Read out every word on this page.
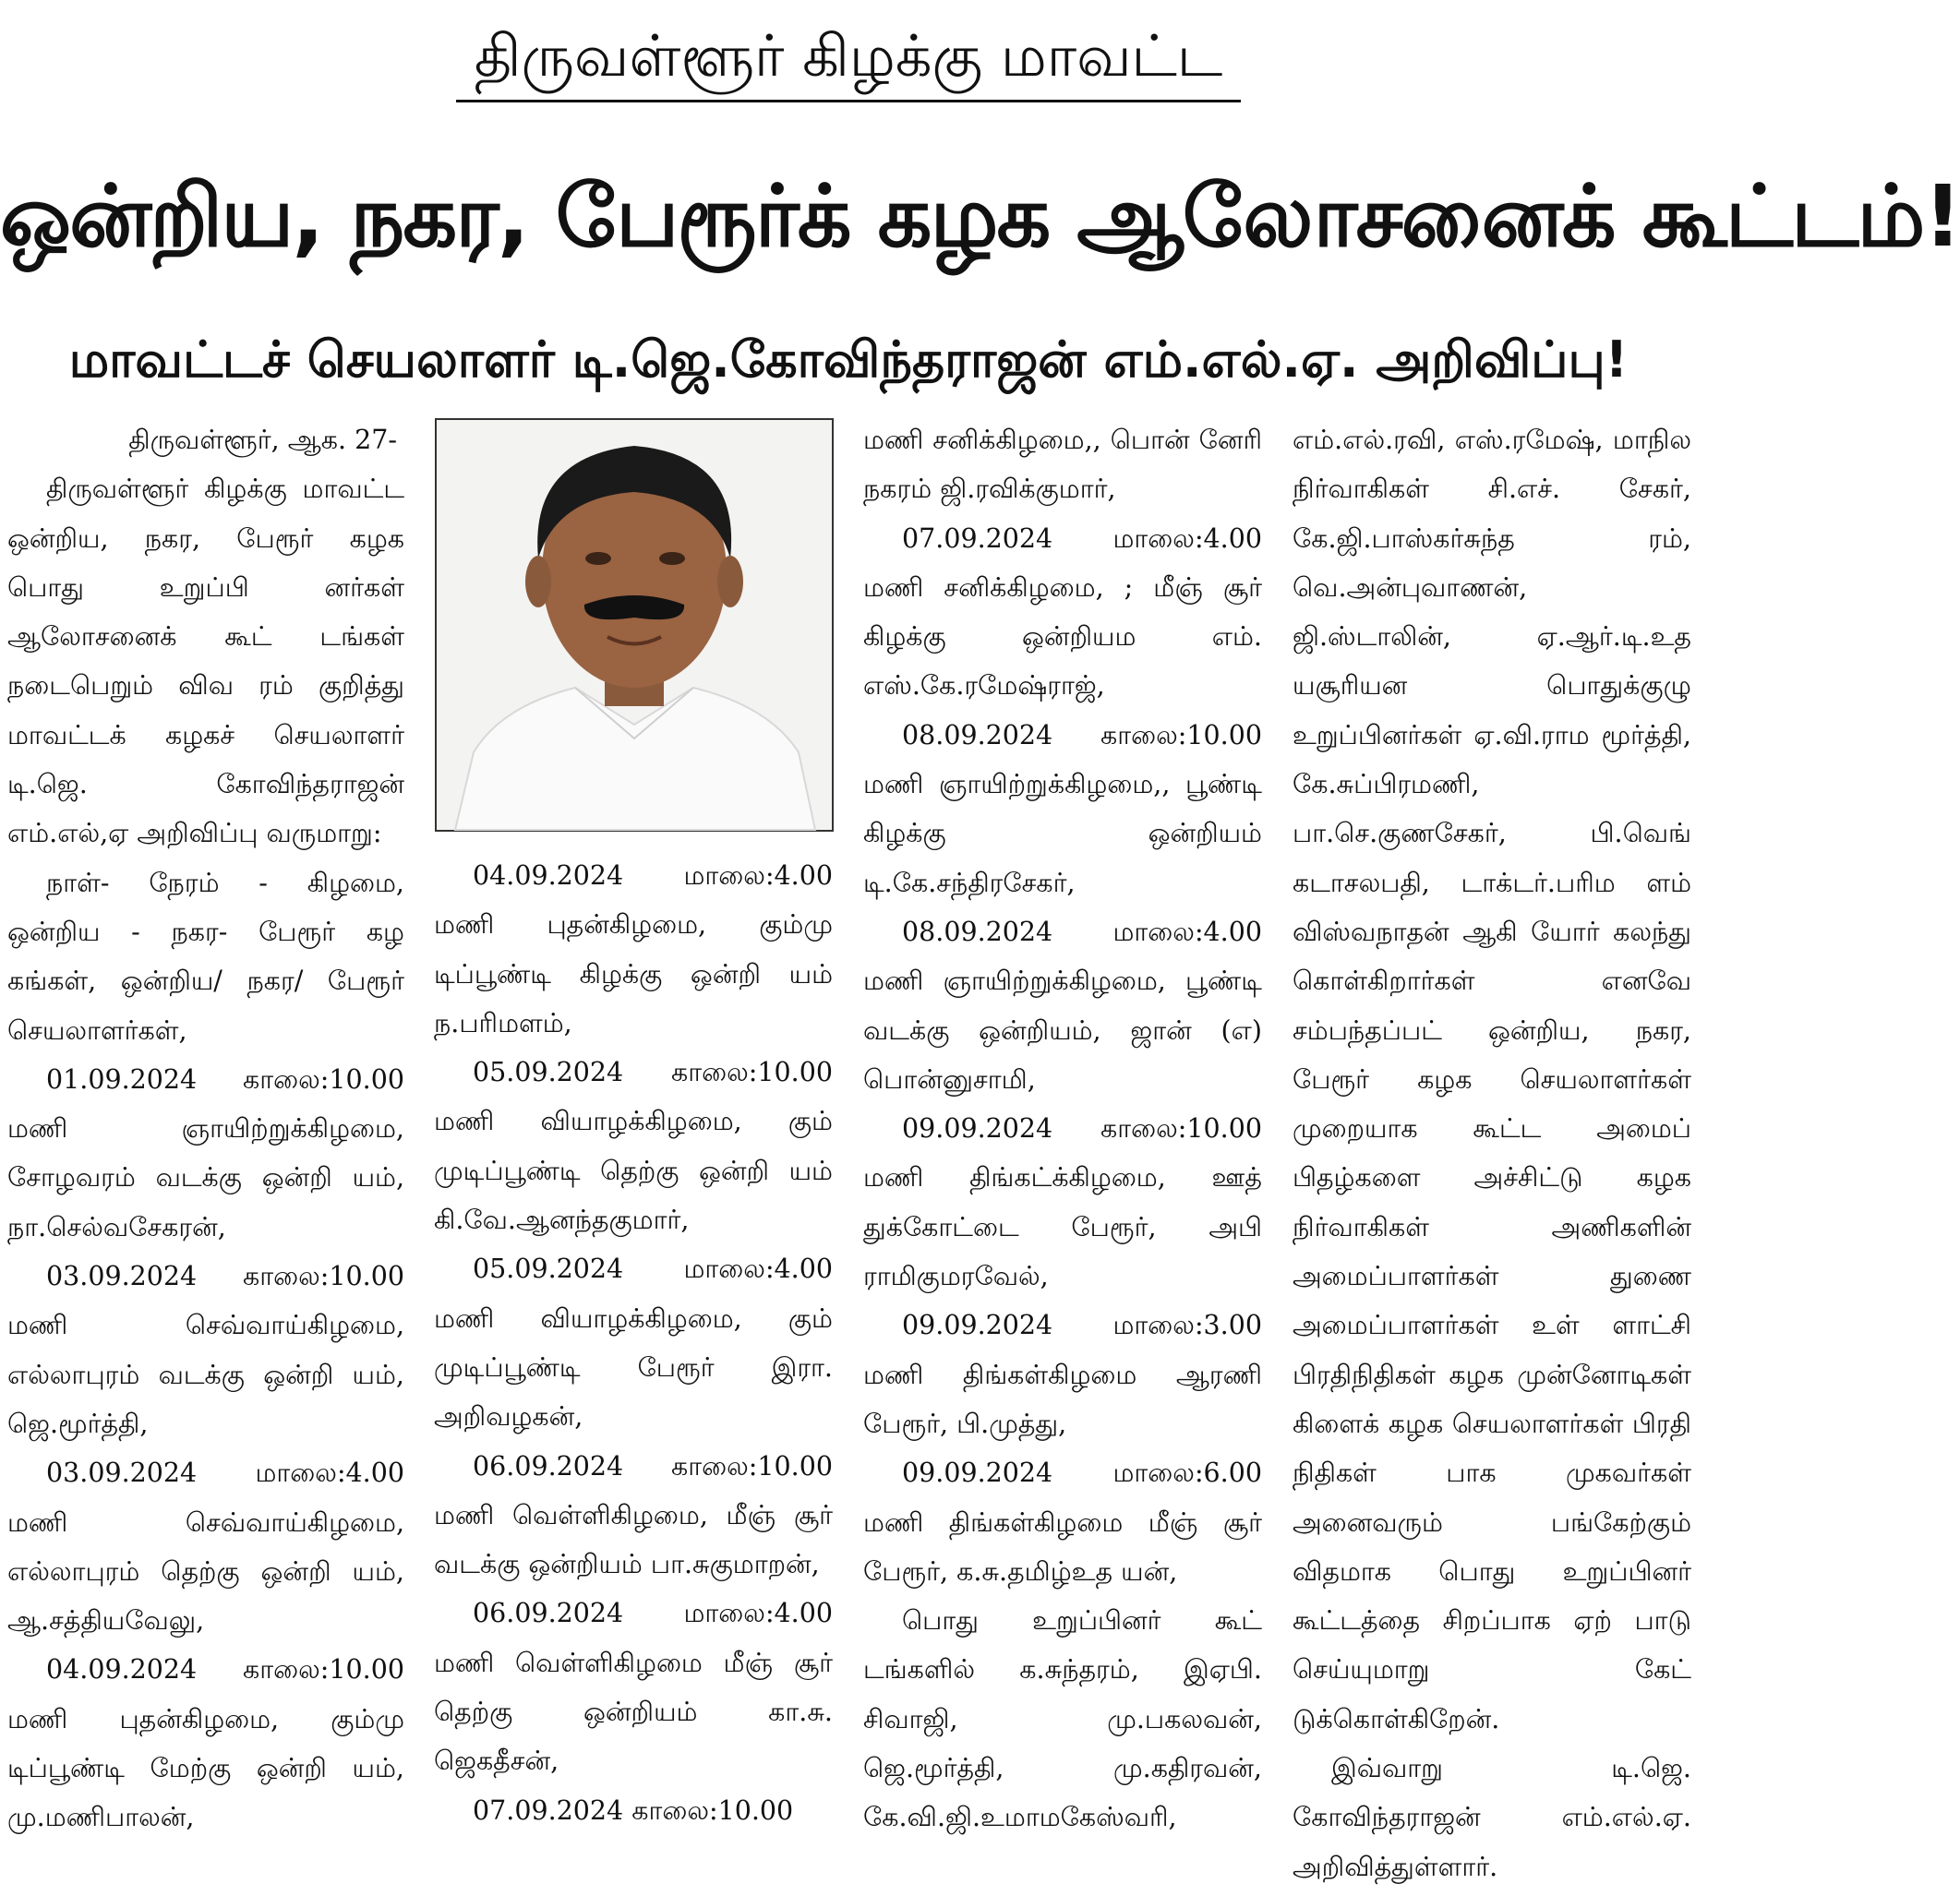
திருவள்ளூர் கிழக்கு மாவட்ட
ஒன்றிய, நகர, பேரூர்க் கழக ஆலோசனைக் கூட்டம்!
மாவட்டச் செயலாளர் டி.ஜெ.கோவிந்தராஜன் எம்.எல்.ஏ. அறிவிப்பு!

திருவள்ளூர், ஆக. 27-

திருவள்ளூர் கிழக்கு மாவட்ட ஒன்றிய, நகர, பேரூர் கழக பொது உறுப்பி னர்கள் ஆலோசனைக் கூட் டங்கள் நடைபெறும் விவ ரம் குறித்து மாவட்டக் கழகச் செயலாளர் டி.ஜெ. கோவிந்தராஜன் எம்.எல்,ஏ அறிவிப்பு வருமாறு:

நாள்- நேரம் - கிழமை, ஒன்றிய - நகர- பேரூர் கழ கங்கள், ஒன்றிய/ நகர/ பேரூர் செயலாளர்கள்,

01.09.2024 காலை:10.00 மணி ஞாயிற்றுக்கிழமை, சோழவரம் வடக்கு ஒன்றி யம், நா.செல்வசேகரன்,

03.09.2024 காலை:10.00 மணி செவ்வாய்கிழமை, எல்லாபுரம் வடக்கு ஒன்றி யம், ஜெ.மூர்த்தி,

03.09.2024 மாலை:4.00 மணி செவ்வாய்கிழமை, எல்லாபுரம் தெற்கு ஒன்றி யம், ஆ.சத்தியவேலு,

04.09.2024 காலை:10.00 மணி புதன்கிழமை, கும்மு டிப்பூண்டி மேற்கு ஒன்றி யம், மு.மணிபாலன்,

04.09.2024 மாலை:4.00 மணி புதன்கிழமை, கும்மு டிப்பூண்டி கிழக்கு ஒன்றி யம் ந.பரிமளம்,

05.09.2024 காலை:10.00 மணி வியாழக்கிழமை, கும் முடிப்பூண்டி தெற்கு ஒன்றி யம் கி.வே.ஆனந்தகுமார்,

05.09.2024 மாலை:4.00 மணி வியாழக்கிழமை, கும் முடிப்பூண்டி பேரூர் இரா. அறிவழகன்,

06.09.2024 காலை:10.00 மணி வெள்ளிகிழமை, மீஞ் சூர் வடக்கு ஒன்றியம் பா.சுகுமாறன்,

06.09.2024 மாலை:4.00 மணி வெள்ளிகிழமை மீஞ் சூர் தெற்கு ஒன்றியம் கா.சு. ஜெகதீசன்,

07.09.2024 காலை:10.00

மணி சனிக்கிழமை,, பொன் னேரி நகரம் ஜி.ரவிக்குமார்,

07.09.2024 மாலை:4.00 மணி சனிக்கிழமை, ; மீஞ் சூர் கிழக்கு ஒன்றியம எம். எஸ்.கே.ரமேஷ்ராஜ்,

08.09.2024 காலை:10.00 மணி ஞாயிற்றுக்கிழமை,, பூண்டி கிழக்கு ஒன்றியம் டி.கே.சந்திரசேகர்,

08.09.2024 மாலை:4.00 மணி ஞாயிற்றுக்கிழமை, பூண்டி வடக்கு ஒன்றியம், ஜான் (எ) பொன்னுசாமி,

09.09.2024 காலை:10.00 மணி திங்கட்க்கிழமை, ஊத் துக்கோட்டை பேரூர், அபி ராமிகுமரவேல்,

09.09.2024 மாலை:3.00 மணி திங்கள்கிழமை ஆரணி பேரூர், பி.முத்து,

09.09.2024 மாலை:6.00 மணி திங்கள்கிழமை மீஞ் சூர் பேரூர், க.சு.தமிழ்உத யன்,

பொது உறுப்பினர் கூட் டங்களில் க.சுந்தரம், இஏபி. சிவாஜி, மு.பகலவன், ஜெ.மூர்த்தி, மு.கதிரவன், கே.வி.ஜி.உமாமகேஸ்வரி,

எம்.எல்.ரவி, எஸ்.ரமேஷ், மாநில நிர்வாகிகள் சி.எச். சேகர், கே.ஜி.பாஸ்கர்சுந்த ரம், வெ.அன்புவாணன், ஜி.ஸ்டாலின், ஏ.ஆர்.டி.உத யசூரியன பொதுக்குழு உறுப்பினர்கள் ஏ.வி.ராம மூர்த்தி, கே.சுப்பிரமணி, பா.செ.குணசேகர், பி.வெங் கடாசலபதி, டாக்டர்.பரிம ளம் விஸ்வநாதன் ஆகி யோர் கலந்து கொள்கிறார்கள் எனவே சம்பந்தப்பட் ஒன்றிய, நகர, பேரூர் கழக செயலாளர்கள் முறையாக கூட்ட அமைப் பிதழ்களை அச்சிட்டு கழக நிர்வாகிகள் அணிகளின் அமைப்பாளர்கள் துணை அமைப்பாளர்கள் உள் ளாட்சி பிரதிநிதிகள் கழக முன்னோடிகள் கிளைக் கழக செயலாளர்கள் பிரதி நிதிகள் பாக முகவர்கள் அனைவரும் பங்கேற்கும் விதமாக பொது உறுப்பினர் கூட்டத்தை சிறப்பாக ஏற் பாடு செய்யுமாறு கேட் டுக்கொள்கிறேன்.

இவ்வாறு டி.ஜெ. கோவிந்தராஜன் எம்.எல்.ஏ. அறிவித்துள்ளார்.
